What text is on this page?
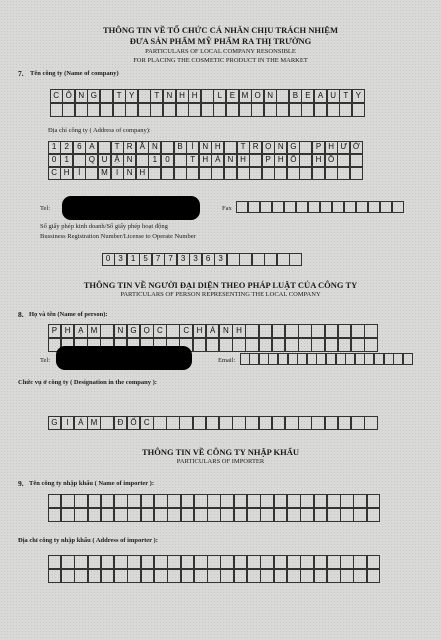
THÔNG TIN VỀ TỔ CHỨC CÁ NHÂN CHỊU TRÁCH NHIỆM
ĐƯA SẢN PHẨM MỸ PHẨM RA THỊ TRƯỜNG
PARTICULARS OF LOCAL COMPANY RESONSIBLE
FOR PLACING THE COSMETIC PRODUCT IN THE MARKET
7. Tên công ty (Name of company)
C Ô N G	T Y	T N H H	L E M O N	B E A U T Y
Địa chỉ công ty ( Address of company):
1	2	6 A	T R Ầ N	B	Ì	N H	T R Ọ N G	P H Ư Ờ
0	1	Q U Ậ N	1	0	T H À N H	P H Ố	H Ồ
C H	Í	M	I	N H
Tel:	Fax
Số giấy phép kinh doanh/Số giấy phép hoạt động
Bussiness Registration Number/License to Operate Number
0	3	1	5	7	7	3	3	6	3
THÔNG TIN VỀ NGƯỜI ĐẠI DIỆN THEO PHÁP LUẬT CỦA CÔNG TY
PARTICULARS OF PERSON REPRESENTING THE LOCAL COMPANY
8. Họ và tên (Name of person):
P H Ạ M	N G Ọ C	C H Á N H
Tel:	Email:
Chức vụ ở công ty ( Designation in the company ):
G	I	Á M	Đ Ố C
THÔNG TIN VỀ CÔNG TY NHẬP KHẨU
PARTICULARS OF IMPORTER
9. Tên công ty nhập khẩu ( Name of importer ):
Địa chỉ công ty nhập khẩu ( Address of importer ):
